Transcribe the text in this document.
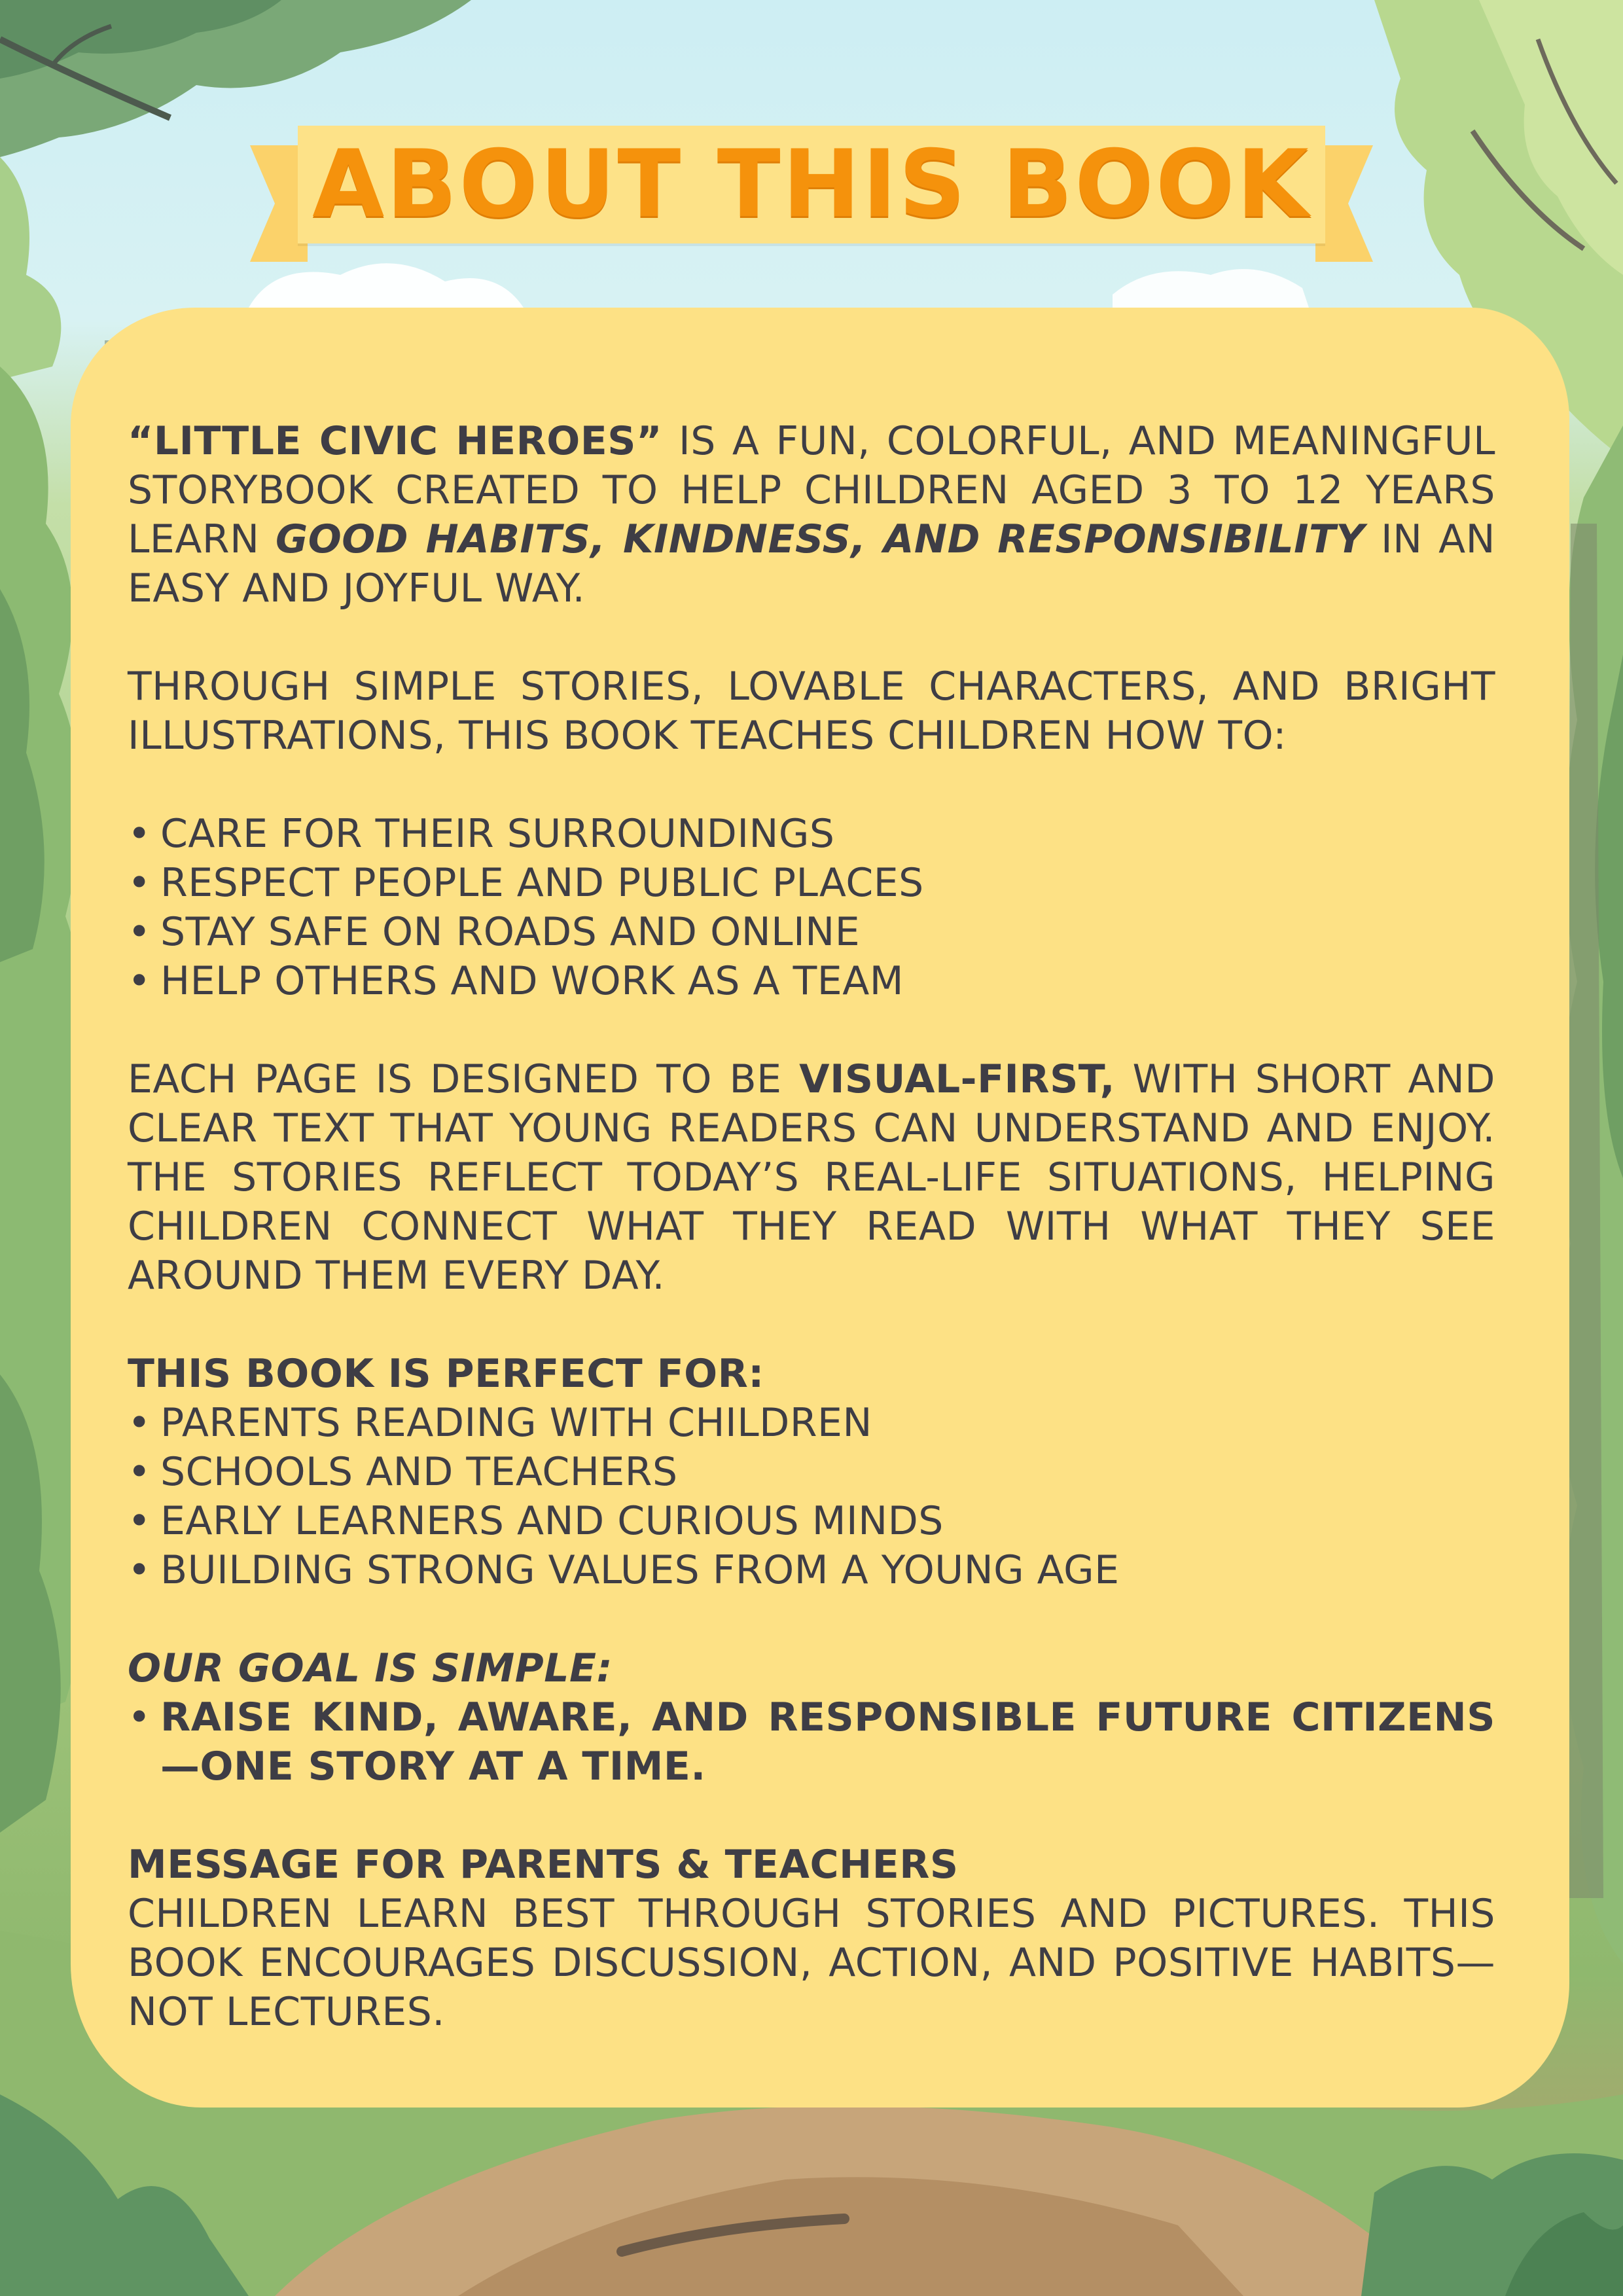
ABOUT THIS BOOK

“LITTLE CIVIC HEROES” IS A FUN, COLORFUL, AND MEANINGFUL STORYBOOK CREATED TO HELP CHILDREN AGED 3 TO 12 YEARS LEARN GOOD HABITS, KINDNESS, AND RESPONSIBILITY IN AN EASY AND JOYFUL WAY.

THROUGH SIMPLE STORIES, LOVABLE CHARACTERS, AND BRIGHT ILLUSTRATIONS, THIS BOOK TEACHES CHILDREN HOW TO:

• CARE FOR THEIR SURROUNDINGS
• RESPECT PEOPLE AND PUBLIC PLACES
• STAY SAFE ON ROADS AND ONLINE
• HELP OTHERS AND WORK AS A TEAM

EACH PAGE IS DESIGNED TO BE VISUAL-FIRST, WITH SHORT AND CLEAR TEXT THAT YOUNG READERS CAN UNDERSTAND AND ENJOY. THE STORIES REFLECT TODAY’S REAL-LIFE SITUATIONS, HELPING CHILDREN CONNECT WHAT THEY READ WITH WHAT THEY SEE AROUND THEM EVERY DAY.

THIS BOOK IS PERFECT FOR:

• PARENTS READING WITH CHILDREN
• SCHOOLS AND TEACHERS
• EARLY LEARNERS AND CURIOUS MINDS
• BUILDING STRONG VALUES FROM A YOUNG AGE

OUR GOAL IS SIMPLE:

• RAISE KIND, AWARE, AND RESPONSIBLE FUTURE CITIZENS—ONE STORY AT A TIME.

MESSAGE FOR PARENTS & TEACHERS

CHILDREN LEARN BEST THROUGH STORIES AND PICTURES. THIS BOOK ENCOURAGES DISCUSSION, ACTION, AND POSITIVE HABITS—NOT LECTURES.
